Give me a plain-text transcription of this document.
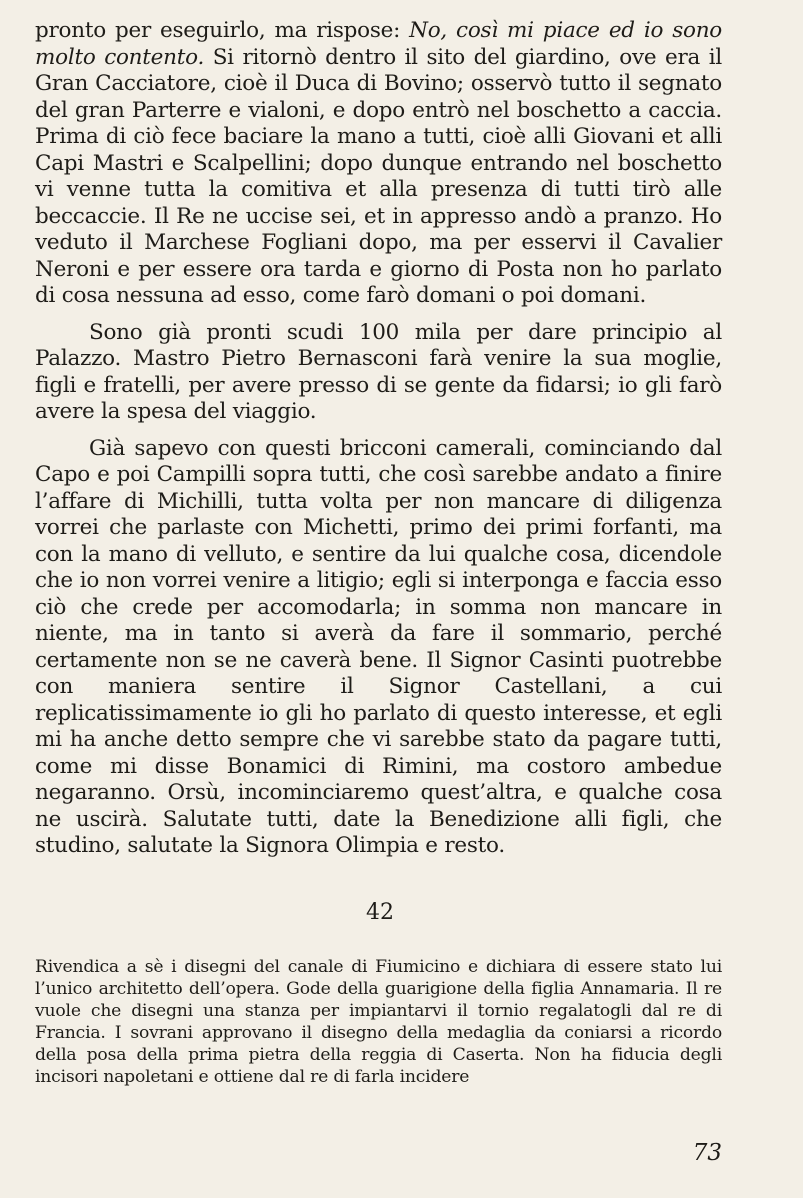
pronto per eseguirlo, ma rispose: No, così mi piace ed io sono molto contento. Si ritornò dentro il sito del giardino, ove era il Gran Cacciatore, cioè il Duca di Bovino; osservò tutto il segnato del gran Parterre e vialoni, e dopo entrò nel boschetto a caccia. Prima di ciò fece baciare la mano a tutti, cioè alli Giovani et alli Capi Mastri e Scalpellini; dopo dunque entrando nel boschetto vi venne tutta la comitiva et alla presenza di tutti tirò alle beccaccie. Il Re ne uccise sei, et in appresso andò a pranzo. Ho veduto il Marchese Fogliani dopo, ma per esservi il Cavalier Neroni e per essere ora tarda e giorno di Posta non ho parlato di cosa nessuna ad esso, come farò domani o poi domani.

Sono già pronti scudi 100 mila per dare principio al Palazzo. Mastro Pietro Bernasconi farà venire la sua moglie, figli e fratelli, per avere presso di se gente da fidarsi; io gli farò avere la spesa del viaggio.

Già sapevo con questi bricconi camerali, cominciando dal Capo e poi Campilli sopra tutti, che così sarebbe andato a finire l’affare di Michilli, tutta volta per non mancare di diligenza vorrei che parlaste con Michetti, primo dei primi forfanti, ma con la mano di velluto, e sentire da lui qualche cosa, dicendole che io non vorrei venire a litigio; egli si interponga e faccia esso ciò che crede per accomodarla; in somma non mancare in niente, ma in tanto si averà da fare il sommario, perché certamente non se ne caverà bene. Il Signor Casinti puotrebbe con maniera sentire il Signor Castellani, a cui replicatissimamente io gli ho parlato di questo interesse, et egli mi ha anche detto sempre che vi sarebbe stato da pagare tutti, come mi disse Bonamici di Rimini, ma costoro ambedue negaranno. Orsù, incominciaremo quest’altra, e qualche cosa ne uscirà. Salutate tutti, date la Benedizione alli figli, che studino, salutate la Signora Olimpia e resto.

42

Rivendica a sè i disegni del canale di Fiumicino e dichiara di essere stato lui l’unico architetto dell’opera. Gode della guarigione della figlia Annamaria. Il re vuole che disegni una stanza per impiantarvi il tornio regalatogli dal re di Francia. I sovrani approvano il disegno della medaglia da coniarsi a ricordo della posa della prima pietra della reggia di Caserta. Non ha fiducia degli incisori napoletani e ottiene dal re di farla incidere

73
